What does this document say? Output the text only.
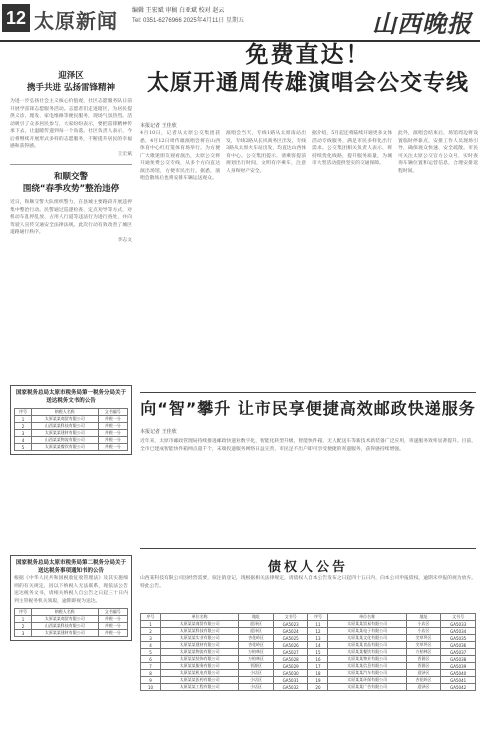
12 太原新闻 编辑 王宏斌 审稿 白亚斌 校对 赵云
Tel: 0351-6276966 2025年4月11日 星期五	山西晚报
迎泽区
携手共进 弘扬雷锋精神
为进一步弘扬社会主义核心价值观，社区志愿服务队日前开展学雷锋志愿服务活动。志愿者们走进辖区，为居民提供义诊、理发、家电维修等便民服务，现场气氛热烈。活动吸引了众多居民参与，大家纷纷表示，要把雷锋精神传承下去，让温暖传递到每一个角落。社区负责人表示，今后将继续开展形式多样的志愿服务，不断提升居民的幸福感和获得感。
王宏斌
和顺交警
围绕“春季攻势”整治违停
近日，和顺交警大队组织警力，在县城主要路段开展违停集中整治行动。民警通过巡逻检查、定点劝导等方式，对机动车乱停乱放、占用人行道等违法行为进行查处，并向驾驶人宣传交通安全法律法规。此次行动有效改善了城区道路通行秩序。
李志文
国家税务总局太原市税务局第一税务分局关于送达税务文书的公告
序号	纳税人名称	文书编号
1	太原某某商贸有限公司	并税一分
2	山西某某科技有限公司	并税一分
3	太原某某建材有限公司	并税一分
4	山西某某物流有限公司	并税一分
5	太原某某餐饮有限公司	并税一分
国家税务总局太原市税务局第二税务分局关于送达税务事项通知书的公告
根据《中华人民共和国税收征收管理法》及其实施细则的有关规定，因以下纳税人无法联系，现依法公告送达税务文书，请相关纳税人自公告之日起三十日内到主管税务机关领取，逾期即视为送达。
序号	纳税人名称	文书编号
1	太原某某商贸有限公司	并税一分
2	山西某某科技有限公司	并税一分
3	太原某某建材有限公司	并税一分
免费直达！
太原开通周传雄演唱会公交专线
本报记者 王佳欣
4月10日，记者从太原公交集团获悉，4月12日周传雄演唱会将在山西体育中心红灯笼体育场举行。为方便广大歌迷朋友观看演出，太原公交将开通免费公交专线，从多个方向直达演出场馆，方便市民出行。据悉，演唱会散场后也将安排车辆运送观众。
演唱会当天，专线1路从太原南站出发，专线2路从长风商务区出发，专线3路从太原火车站出发，均直达山西体育中心。公交集团提示，请乘客提前规划出行时间，文明有序乘车，注意人身和财产安全。
据介绍，5月起还将陆续开通更多文体活动专线服务，满足市民多样化出行需求。公交集团相关负责人表示，将持续优化线路，提升服务质量，为城市大型活动提供坚实的交通保障。
此外，演唱会结束后，场馆周边将设置临时停靠点，安排工作人员现场引导，确保观众快速、安全疏散。市民可关注太原公交官方公众号，实时查询车辆位置和运营信息，合理安排返程时间。
向“智”攀升 让市民享便捷高效邮政快递服务
本报记者 王佳欣
近年来，太原市邮政管理局持续推进邮政快递业数字化、智能化转型升级，智能快件箱、无人配送车等新技术新装备广泛应用，寄递服务效率显著提升。目前，全市已建成智能快件箱网点超千个，末端投递服务网络日益完善，市民足不出户即可享受便捷的寄递服务，获得感持续增强。
债权人公告
山西某科技有限公司因经营需要，拟注销登记，现根据相关法律规定，请债权人自本公告发布之日起四十五日内，向本公司申报债权，逾期未申报的视为放弃。特此公告。
序号	单位名称	地址	文书号	序号	单位名称	地址	文书号
1	太原某某商贸有限公司	迎泽区	GA5023	11	太原某某贸易有限公司	小店区	GA5033
2	太原某某科技有限公司	迎泽区	GA5024	12	太原某某电子有限公司	小店区	GA5034
3	太原某某实业有限公司	杏花岭区	GA5025	13	太原某某文化有限公司	尖草坪区	GA5035
4	太原某某建材有限公司	杏花岭区	GA5026	14	太原某某食品有限公司	尖草坪区	GA5036
5	太原某某物流有限公司	万柏林区	GA5027	15	太原某某餐饮有限公司	万柏林区	GA5037
6	太原某某装饰有限公司	万柏林区	GA5028	16	太原某某物业有限公司	晋源区	GA5038
7	太原某某服务有限公司	晋源区	GA5029	17	太原某某信息有限公司	晋源区	GA5039
8	太原某某机电有限公司	小店区	GA5030	18	太原某某汽车有限公司	迎泽区	GA5040
9	太原某某医药有限公司	小店区	GA5031	19	太原某某环保有限公司	杏花岭区	GA5041
10	太原某某工程有限公司	小店区	GA5032	20	太原某某广告有限公司	迎泽区	GA5042
